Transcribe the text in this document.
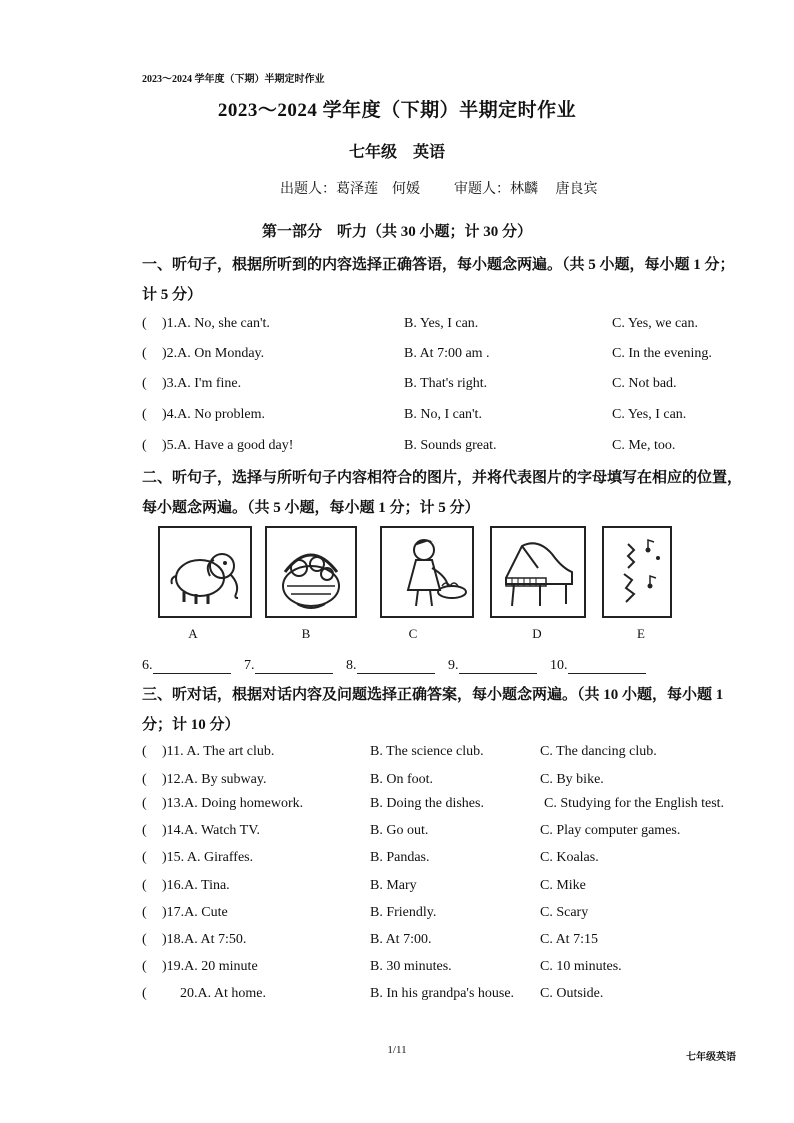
2023～2024 学年度（下期）半期定时作业
2023～2024 学年度（下期）半期定时作业
七年级　英语
出题人：葛泽莲　何媛 审题人：林麟　 唐良宾
第一部分　听力（共 30 小题；计 30 分）
一、听句子，根据所听到的内容选择正确答语，每小题念两遍。（共 5 小题，每小题 1 分；计 5 分）
( )1.A. No, she can't.	B. Yes, I can.	C. Yes, we can.
( )2.A. On Monday.	B. At 7:00 am .	C. In the evening.
( )3.A. I'm fine.	B. That's right.	C. Not bad.
( )4.A. No problem.	B. No, I can't.	C. Yes, I can.
( )5.A. Have a good day!	B. Sounds great.	C. Me, too.
二、听句子，选择与所听句子内容相符合的图片，并将代表图片的字母填写在相应的位置，每小题念两遍。（共 5 小题，每小题 1 分；计 5 分）
A	B	C	D	E
6.	7.	8.	9.	10.
三、听对话，根据对话内容及问题选择正确答案，每小题念两遍。（共 10 小题，每小题 1 分；计 10 分）
( )11. A. The art club.	B. The science club.	C. The dancing club.
( )12.A. By subway.	B. On foot.	C. By bike.
( )13.A. Doing homework.	B. Doing the dishes.	C. Studying for the English test.
( )14.A. Watch TV.	B. Go out.	C. Play computer games.
( )15. A. Giraffes.	B. Pandas.	C. Koalas.
( )16.A. Tina.	B. Mary	C. Mike
( )17.A. Cute	B. Friendly.	C. Scary
( )18.A. At 7:50.	B. At 7:00.	C. At 7:15
( )19.A. 20 minute	B. 30 minutes.	C. 10 minutes.
( 20.A. At home.	B. In his grandpa's house. C. Outside.
1/11
七年级英语
